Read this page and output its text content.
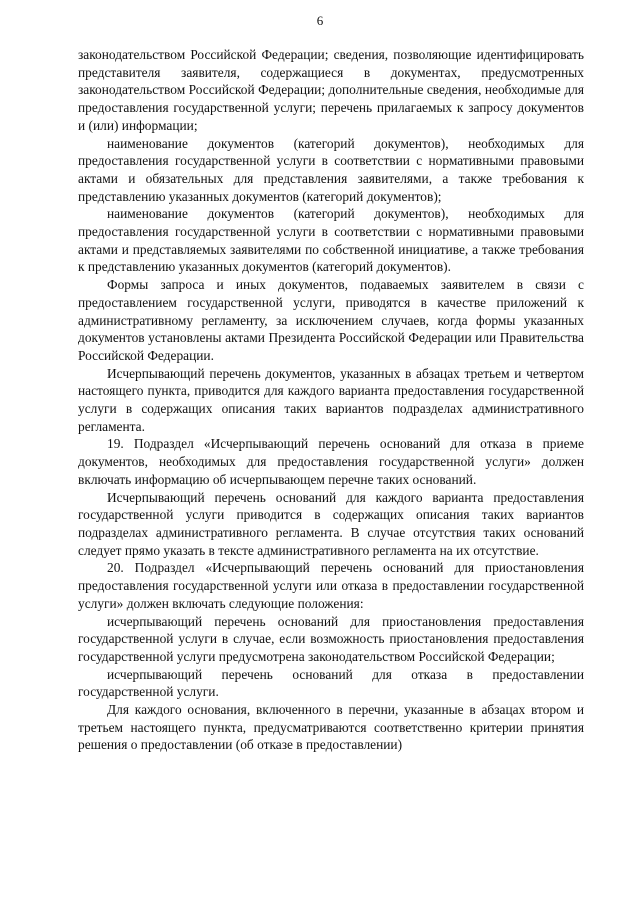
6

законодательством Российской Федерации; сведения, позволяющие идентифицировать представителя заявителя, содержащиеся в документах, предусмотренных законодательством Российской Федерации; дополнительные сведения, необходимые для предоставления государственной услуги; перечень прилагаемых к запросу документов и (или) информации;

наименование документов (категорий документов), необходимых для предоставления государственной услуги в соответствии с нормативными правовыми актами и обязательных для представления заявителями, а также требования к представлению указанных документов (категорий документов);

наименование документов (категорий документов), необходимых для предоставления государственной услуги в соответствии с нормативными правовыми актами и представляемых заявителями по собственной инициативе, а также требования к представлению указанных документов (категорий документов).

Формы запроса и иных документов, подаваемых заявителем в связи с предоставлением государственной услуги, приводятся в качестве приложений к административному регламенту, за исключением случаев, когда формы указанных документов установлены актами Президента Российской Федерации или Правительства Российской Федерации.

Исчерпывающий перечень документов, указанных в абзацах третьем и четвертом настоящего пункта, приводится для каждого варианта предоставления государственной услуги в содержащих описания таких вариантов подразделах административного регламента.

19. Подраздел «Исчерпывающий перечень оснований для отказа в приеме документов, необходимых для предоставления государственной услуги» должен включать информацию об исчерпывающем перечне таких оснований.

Исчерпывающий перечень оснований для каждого варианта предоставления государственной услуги приводится в содержащих описания таких вариантов подразделах административного регламента. В случае отсутствия таких оснований следует прямо указать в тексте административного регламента на их отсутствие.

20. Подраздел «Исчерпывающий перечень оснований для приостановления предоставления государственной услуги или отказа в предоставлении государственной услуги» должен включать следующие положения:

исчерпывающий перечень оснований для приостановления предоставления государственной услуги в случае, если возможность приостановления предоставления государственной услуги предусмотрена законодательством Российской Федерации;

исчерпывающий перечень оснований для отказа в предоставлении государственной услуги.

Для каждого основания, включенного в перечни, указанные в абзацах втором и третьем настоящего пункта, предусматриваются соответственно критерии принятия решения о предоставлении (об отказе в предоставлении)
